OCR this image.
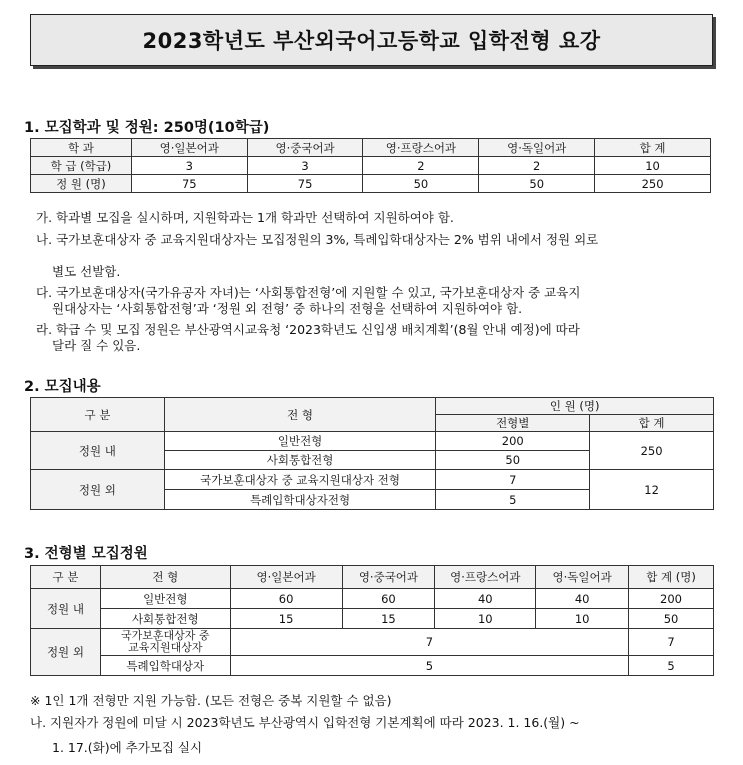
2023학년도 부산외국어고등학교 입학전형 요강
1. 모집학과 및 정원: 250명(10학급)
학 과	영·일본어과	영·중국어과	영·프랑스어과	영·독일어과	합 계
학 급 (학급)	3	3	2	2	10
정 원 (명)	75	75	50	50	250
가. 학과별 모집을 실시하며, 지원학과는 1개 학과만 선택하여 지원하여야 함.
나. 국가보훈대상자 중 교육지원대상자는 모집정원의 3%, 특례입학대상자는 2% 범위 내에서 정원 외로
별도 선발함.
다. 국가보훈대상자(국가유공자 자녀)는 ‘사회통합전형’에 지원할 수 있고, 국가보훈대상자 중 교육지
원대상자는 ‘사회통합전형’과 ‘정원 외 전형’ 중 하나의 전형을 선택하여 지원하여야 함.
라. 학급 수 및 모집 정원은 부산광역시교육청 ‘2023학년도 신입생 배치계획’(8월 안내 예정)에 따라
달라 질 수 있음.
2. 모집내용
구 분	전 형	인 원 (명)	
		전형별	합 계
정원 내	일반전형	200	250
	사회통합전형	50	
정원 외	국가보훈대상자 중 교육지원대상자 전형	7	12
	특례입학대상자전형	5	
3. 전형별 모집정원
구 분	전 형	영·일본어과	영·중국어과	영·프랑스어과	영·독일어과	합 계 (명)
정원 내	일반전형	60	60	40	40	200
	사회통합전형	15	15	10	10	50
정원 외	국가보훈대상자 중
교육지원대상자	7				7
	특례입학대상자	5				5
※ 1인 1개 전형만 지원 가능함. (모든 전형은 중복 지원할 수 없음)
나. 지원자가 정원에 미달 시 2023학년도 부산광역시 입학전형 기본계획에 따라 2023. 1. 16.(월) ~
1. 17.(화)에 추가모집 실시
